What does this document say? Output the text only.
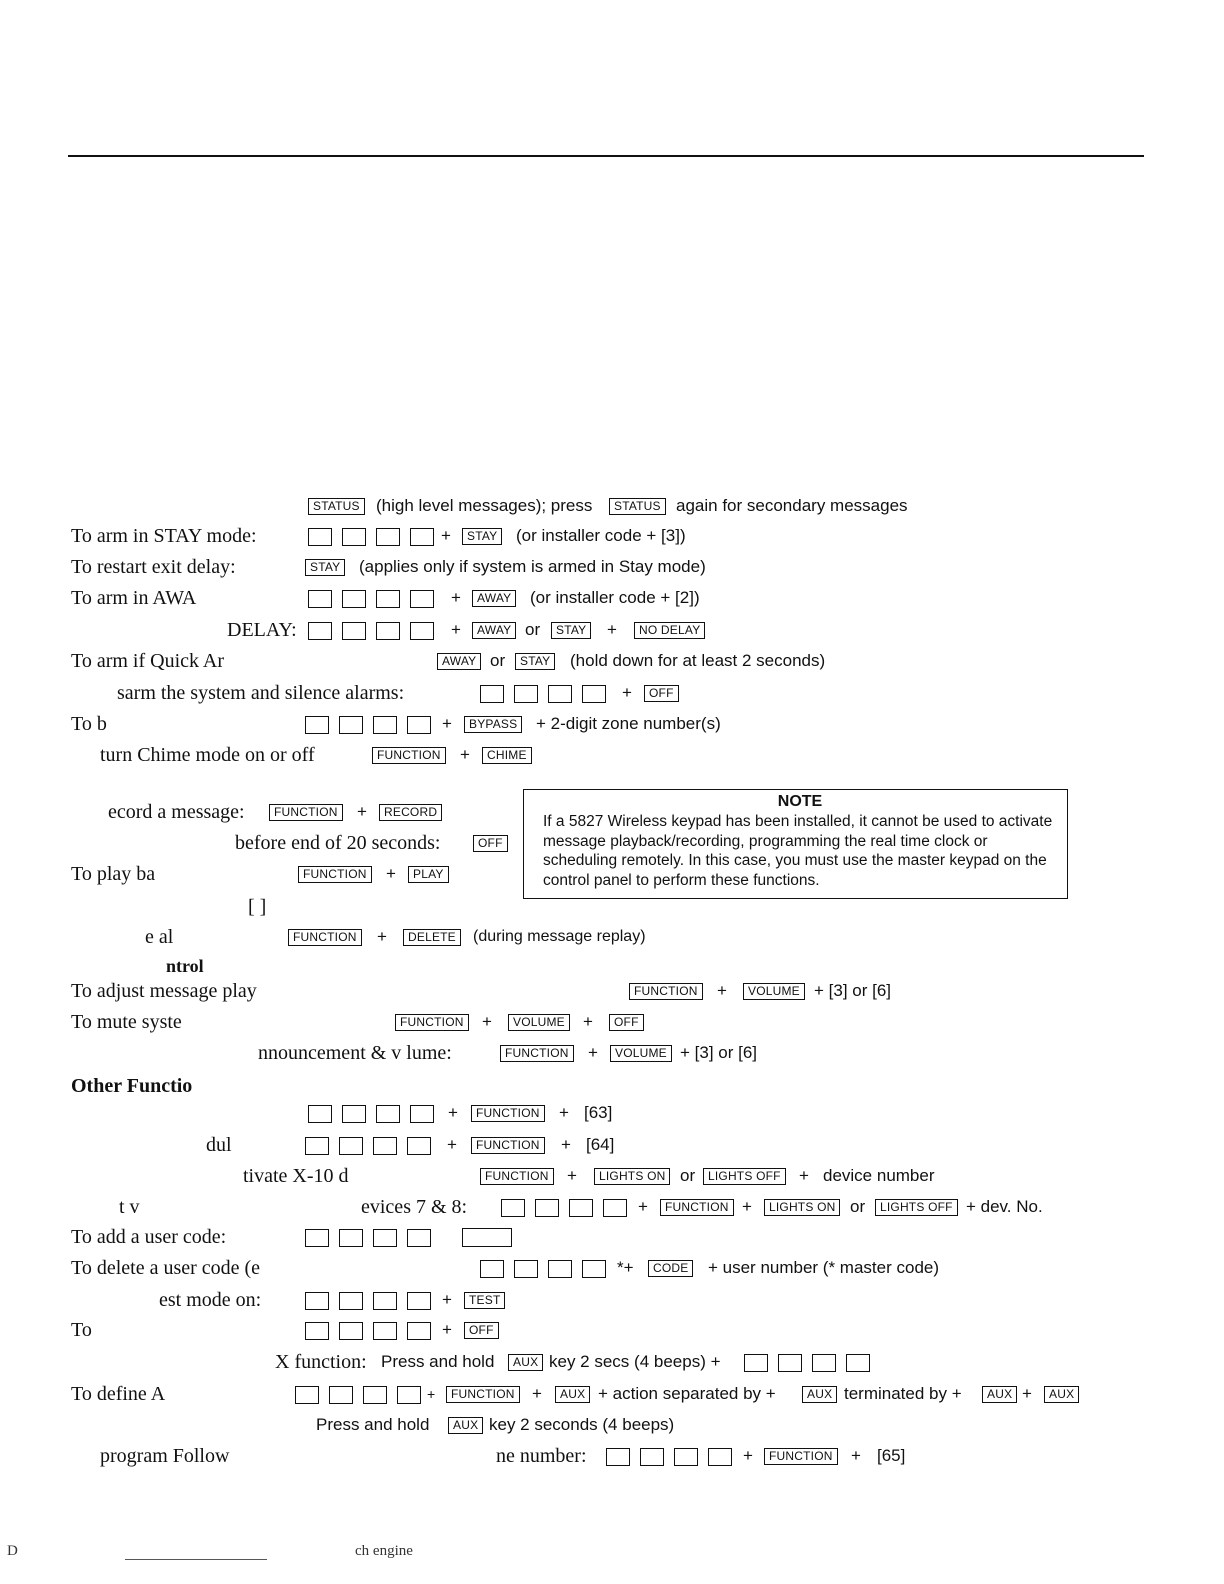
STATUS (high level messages); press	STATUS again for secondary messages
To arm in STAY mode:	+	STAY (or installer code + [3])
To restart exit delay:	STAY (applies only if system is armed in Stay mode)
To arm in AWA	+	AWAY (or installer code + [2])
DELAY:	+	AWAY or	STAY +	NO DELAY
To arm if Quick Ar	AWAY or	STAY (hold down for at least 2 seconds)
sarm the system and silence alarms:	+	OFF
To b	+	BYPASS + 2-digit zone number(s)
turn Chime mode on or off	FUNCTION +	CHIME
ecord a message:	FUNCTION +	RECORD
before end of 20 seconds:	OFF
To play ba	FUNCTION +	PLAY
NOTE
If a 5827 Wireless keypad has been installed, it cannot be used to activate message playback/recording, programming the real time clock or scheduling remotely. In this case, you must use the master keypad on the control panel to perform these functions.
[ ]
e al	FUNCTION +	DELETE	(during message replay)
ntrol
To adjust message play	FUNCTION +	VOLUME + [3] or [6]
To mute syste	FUNCTION +	VOLUME +	OFF
nnouncement & v lume:	FUNCTION +	VOLUME + [3] or [6]
Other Functio
+	FUNCTION + [63]
dul	+	FUNCTION + [64]
tivate X-10 d	FUNCTION +	LIGHTS ON or	LIGHTS OFF + device number
t v	evices 7 & 8:	+	FUNCTION +	LIGHTS ON or	LIGHTS OFF + dev. No.
To add a user code:
To delete a user code (e	*+	CODE + user number (* master code)
est mode on:	+	TEST
To	+	OFF
X function: Press and hold	AUX key 2 secs (4 beeps) +
To define A	+	FUNCTION +	AUX + action separated by +	AUX terminated by +	AUX +	AUX
Press and hold	AUX key 2 seconds (4 beeps)
program Follow	ne number:	+	FUNCTION + [65]
D	ch engine
